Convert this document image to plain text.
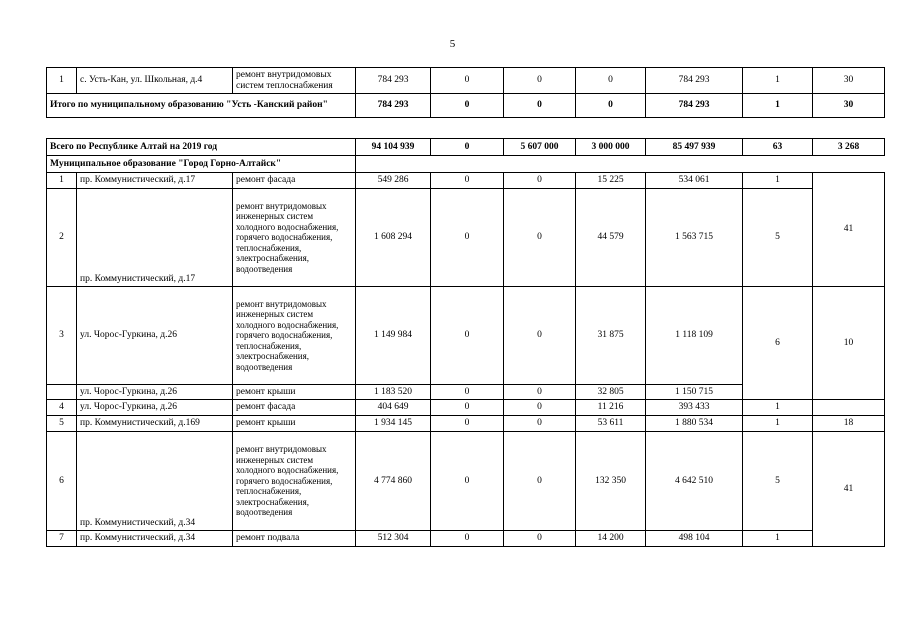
5
1	с. Усть-Кан, ул. Школьная, д.4	ремонт внутридомовых систем теплоснабжения	784 293	0	0	0	784 293	1	30
Итого по муниципальному образованию "Усть -Канский район"			784 293	0	0	0	784 293	1	30
Всего по Республике Алтай на 2019 год			94 104 939	0	5 607 000	3 000 000	85 497 939	63	3 268
Муниципальное образование "Город Горно-Алтайск"									
1	пр. Коммунистический, д.17	ремонт фасада	549 286	0	0	15 225	534 061	1	41
2	пр. Коммунистический, д.17	ремонт внутридомовых инженерных систем холодного водоснабжения, горячего водоснабжения, теплоснабжения, электроснабжения, водоотведения	1 608 294	0	0	44 579	1 563 715	5	
3	ул. Чорос-Гуркина, д.26	ремонт внутридомовых инженерных систем холодного водоснабжения, горячего водоснабжения, теплоснабжения, электроснабжения, водоотведения	1 149 984	0	0	31 875	1 118 109	6	10
	ул. Чорос-Гуркина, д.26	ремонт крыши	1 183 520	0	0	32 805	1 150 715		
4	ул. Чорос-Гуркина, д.26	ремонт фасада	404 649	0	0	11 216	393 433	1	
5	пр. Коммунистический, д.169	ремонт крыши	1 934 145	0	0	53 611	1 880 534	1	18
6	пр. Коммунистический, д.34	ремонт внутридомовых инженерных систем холодного водоснабжения, горячего водоснабжения, теплоснабжения, электроснабжения, водоотведения	4 774 860	0	0	132 350	4 642 510	5	41
7	пр. Коммунистический, д.34	ремонт подвала	512 304	0	0	14 200	498 104	1	
